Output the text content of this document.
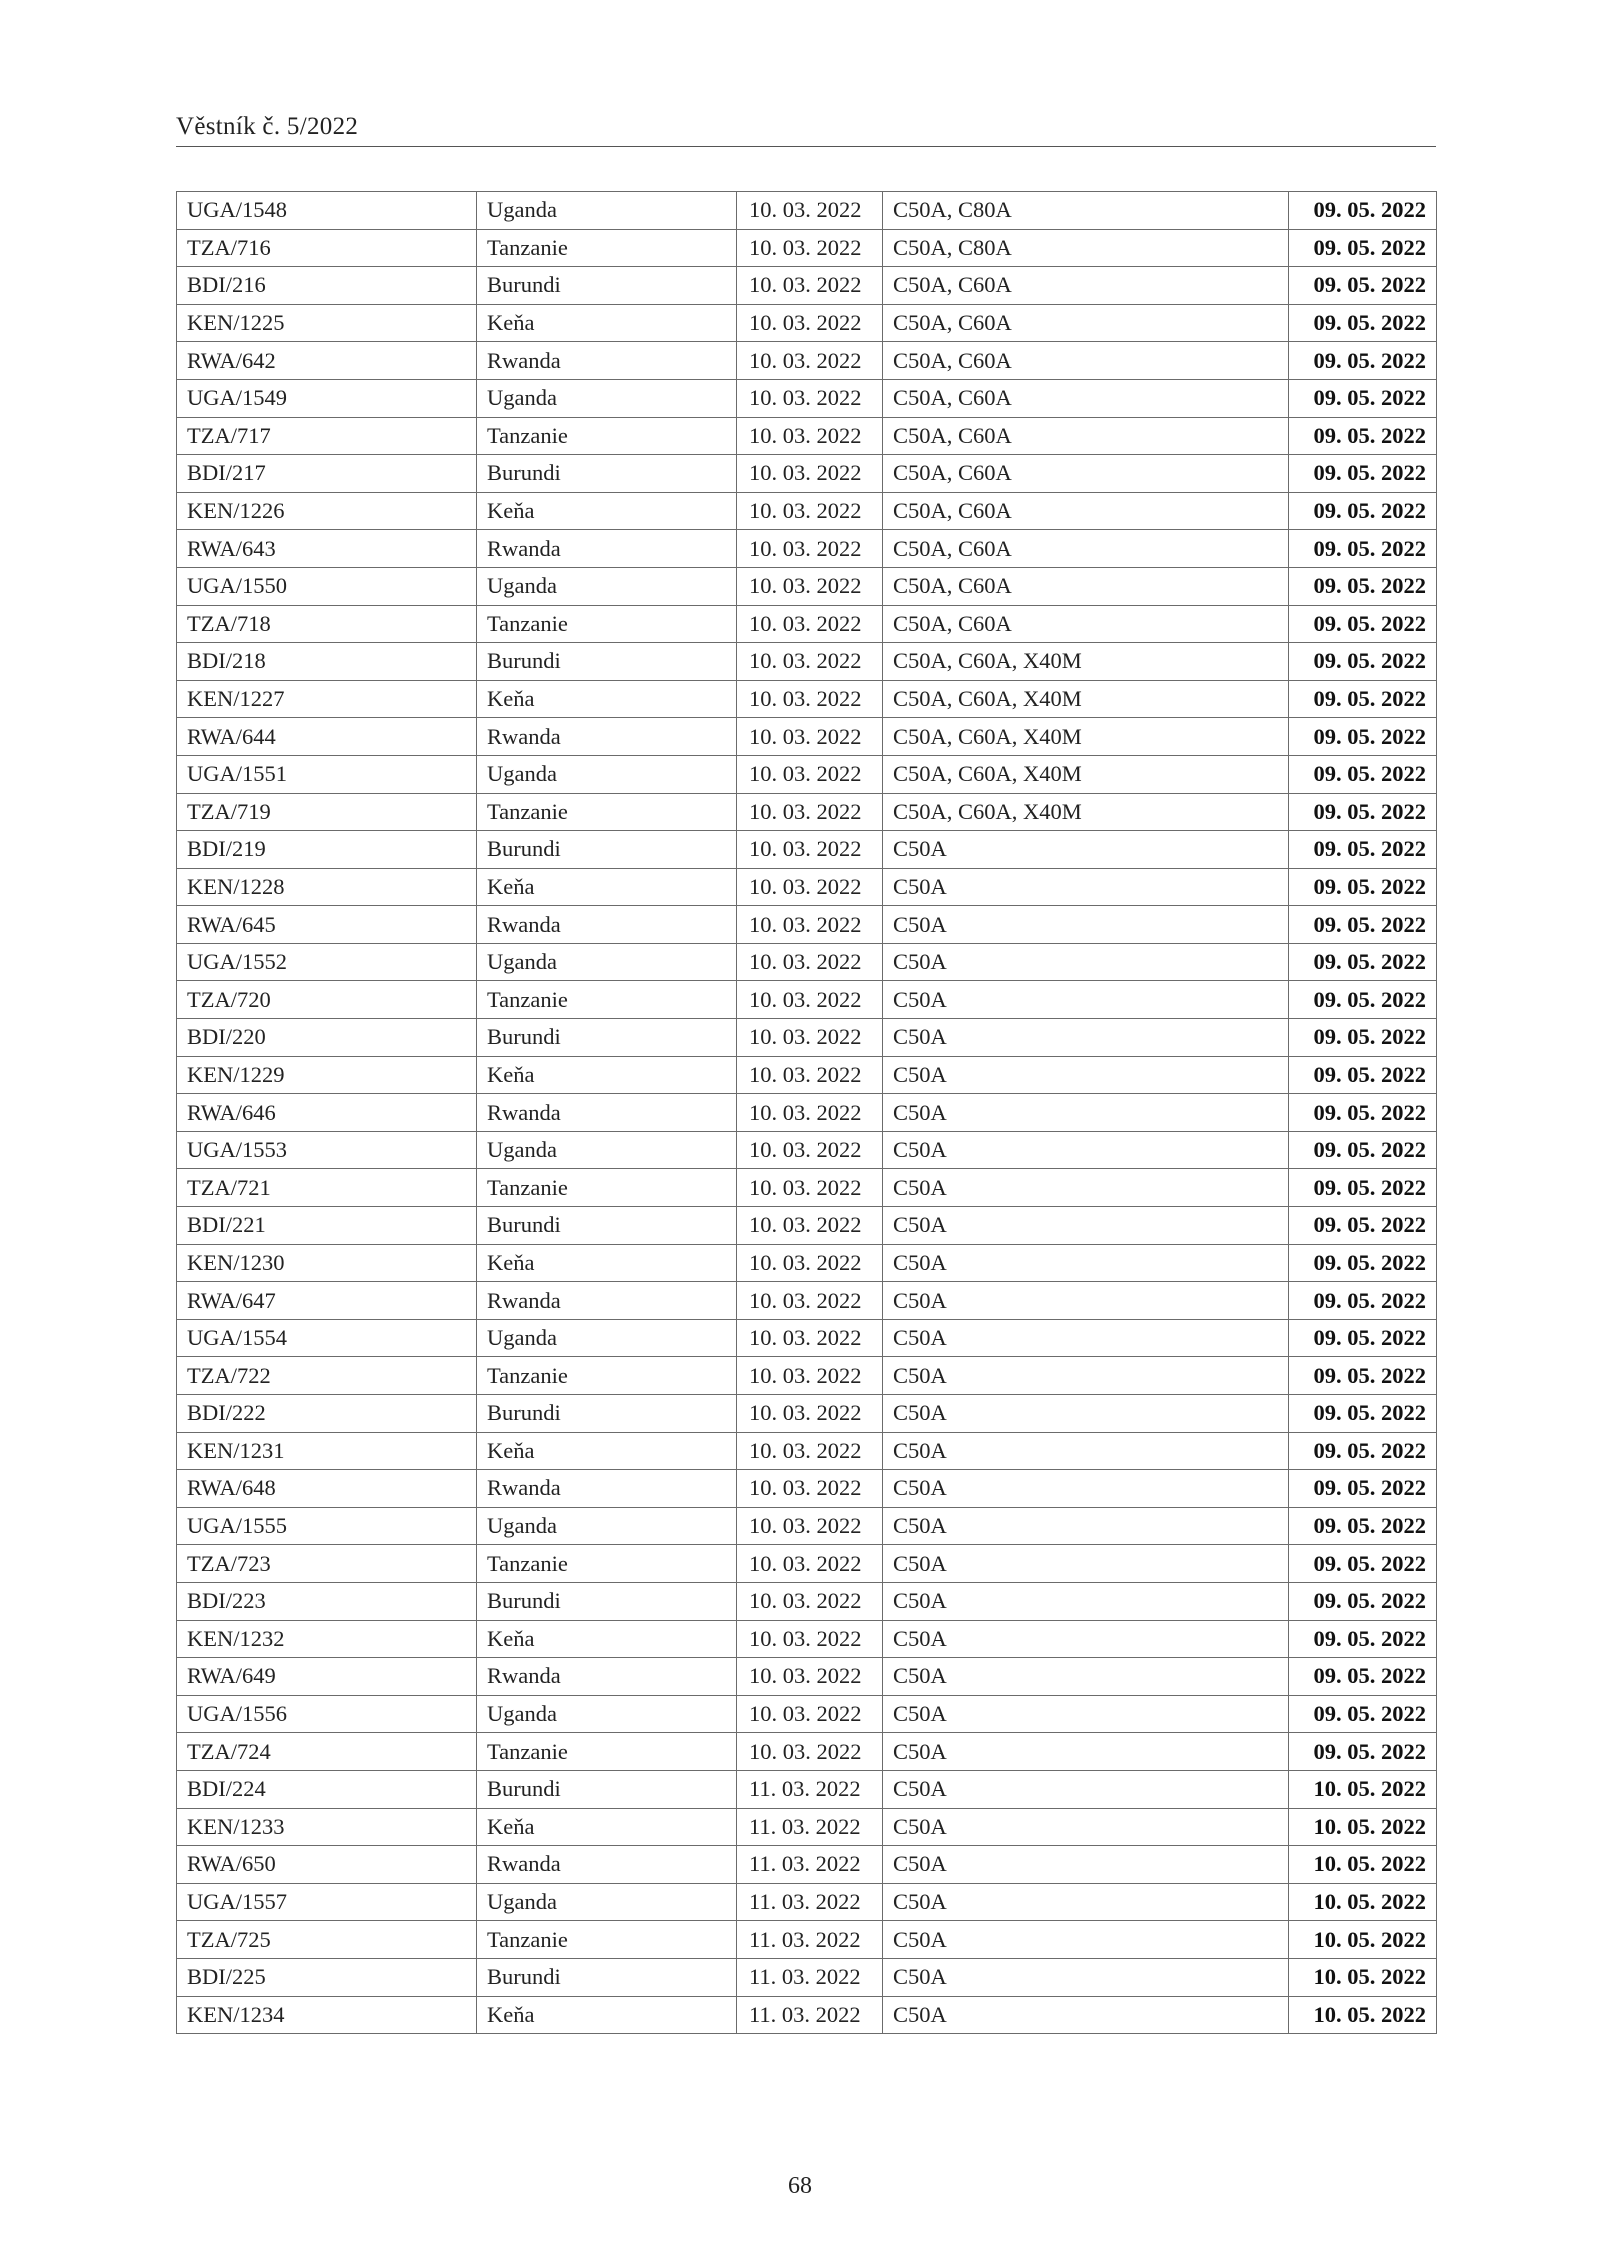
Věstník č. 5/2022
UGA/1548	Uganda	10. 03. 2022	C50A, C80A	09. 05. 2022
TZA/716	Tanzanie	10. 03. 2022	C50A, C80A	09. 05. 2022
BDI/216	Burundi	10. 03. 2022	C50A, C60A	09. 05. 2022
KEN/1225	Keňa	10. 03. 2022	C50A, C60A	09. 05. 2022
RWA/642	Rwanda	10. 03. 2022	C50A, C60A	09. 05. 2022
UGA/1549	Uganda	10. 03. 2022	C50A, C60A	09. 05. 2022
TZA/717	Tanzanie	10. 03. 2022	C50A, C60A	09. 05. 2022
BDI/217	Burundi	10. 03. 2022	C50A, C60A	09. 05. 2022
KEN/1226	Keňa	10. 03. 2022	C50A, C60A	09. 05. 2022
RWA/643	Rwanda	10. 03. 2022	C50A, C60A	09. 05. 2022
UGA/1550	Uganda	10. 03. 2022	C50A, C60A	09. 05. 2022
TZA/718	Tanzanie	10. 03. 2022	C50A, C60A	09. 05. 2022
BDI/218	Burundi	10. 03. 2022	C50A, C60A, X40M	09. 05. 2022
KEN/1227	Keňa	10. 03. 2022	C50A, C60A, X40M	09. 05. 2022
RWA/644	Rwanda	10. 03. 2022	C50A, C60A, X40M	09. 05. 2022
UGA/1551	Uganda	10. 03. 2022	C50A, C60A, X40M	09. 05. 2022
TZA/719	Tanzanie	10. 03. 2022	C50A, C60A, X40M	09. 05. 2022
BDI/219	Burundi	10. 03. 2022	C50A	09. 05. 2022
KEN/1228	Keňa	10. 03. 2022	C50A	09. 05. 2022
RWA/645	Rwanda	10. 03. 2022	C50A	09. 05. 2022
UGA/1552	Uganda	10. 03. 2022	C50A	09. 05. 2022
TZA/720	Tanzanie	10. 03. 2022	C50A	09. 05. 2022
BDI/220	Burundi	10. 03. 2022	C50A	09. 05. 2022
KEN/1229	Keňa	10. 03. 2022	C50A	09. 05. 2022
RWA/646	Rwanda	10. 03. 2022	C50A	09. 05. 2022
UGA/1553	Uganda	10. 03. 2022	C50A	09. 05. 2022
TZA/721	Tanzanie	10. 03. 2022	C50A	09. 05. 2022
BDI/221	Burundi	10. 03. 2022	C50A	09. 05. 2022
KEN/1230	Keňa	10. 03. 2022	C50A	09. 05. 2022
RWA/647	Rwanda	10. 03. 2022	C50A	09. 05. 2022
UGA/1554	Uganda	10. 03. 2022	C50A	09. 05. 2022
TZA/722	Tanzanie	10. 03. 2022	C50A	09. 05. 2022
BDI/222	Burundi	10. 03. 2022	C50A	09. 05. 2022
KEN/1231	Keňa	10. 03. 2022	C50A	09. 05. 2022
RWA/648	Rwanda	10. 03. 2022	C50A	09. 05. 2022
UGA/1555	Uganda	10. 03. 2022	C50A	09. 05. 2022
TZA/723	Tanzanie	10. 03. 2022	C50A	09. 05. 2022
BDI/223	Burundi	10. 03. 2022	C50A	09. 05. 2022
KEN/1232	Keňa	10. 03. 2022	C50A	09. 05. 2022
RWA/649	Rwanda	10. 03. 2022	C50A	09. 05. 2022
UGA/1556	Uganda	10. 03. 2022	C50A	09. 05. 2022
TZA/724	Tanzanie	10. 03. 2022	C50A	09. 05. 2022
BDI/224	Burundi	11. 03. 2022	C50A	10. 05. 2022
KEN/1233	Keňa	11. 03. 2022	C50A	10. 05. 2022
RWA/650	Rwanda	11. 03. 2022	C50A	10. 05. 2022
UGA/1557	Uganda	11. 03. 2022	C50A	10. 05. 2022
TZA/725	Tanzanie	11. 03. 2022	C50A	10. 05. 2022
BDI/225	Burundi	11. 03. 2022	C50A	10. 05. 2022
KEN/1234	Keňa	11. 03. 2022	C50A	10. 05. 2022
68
